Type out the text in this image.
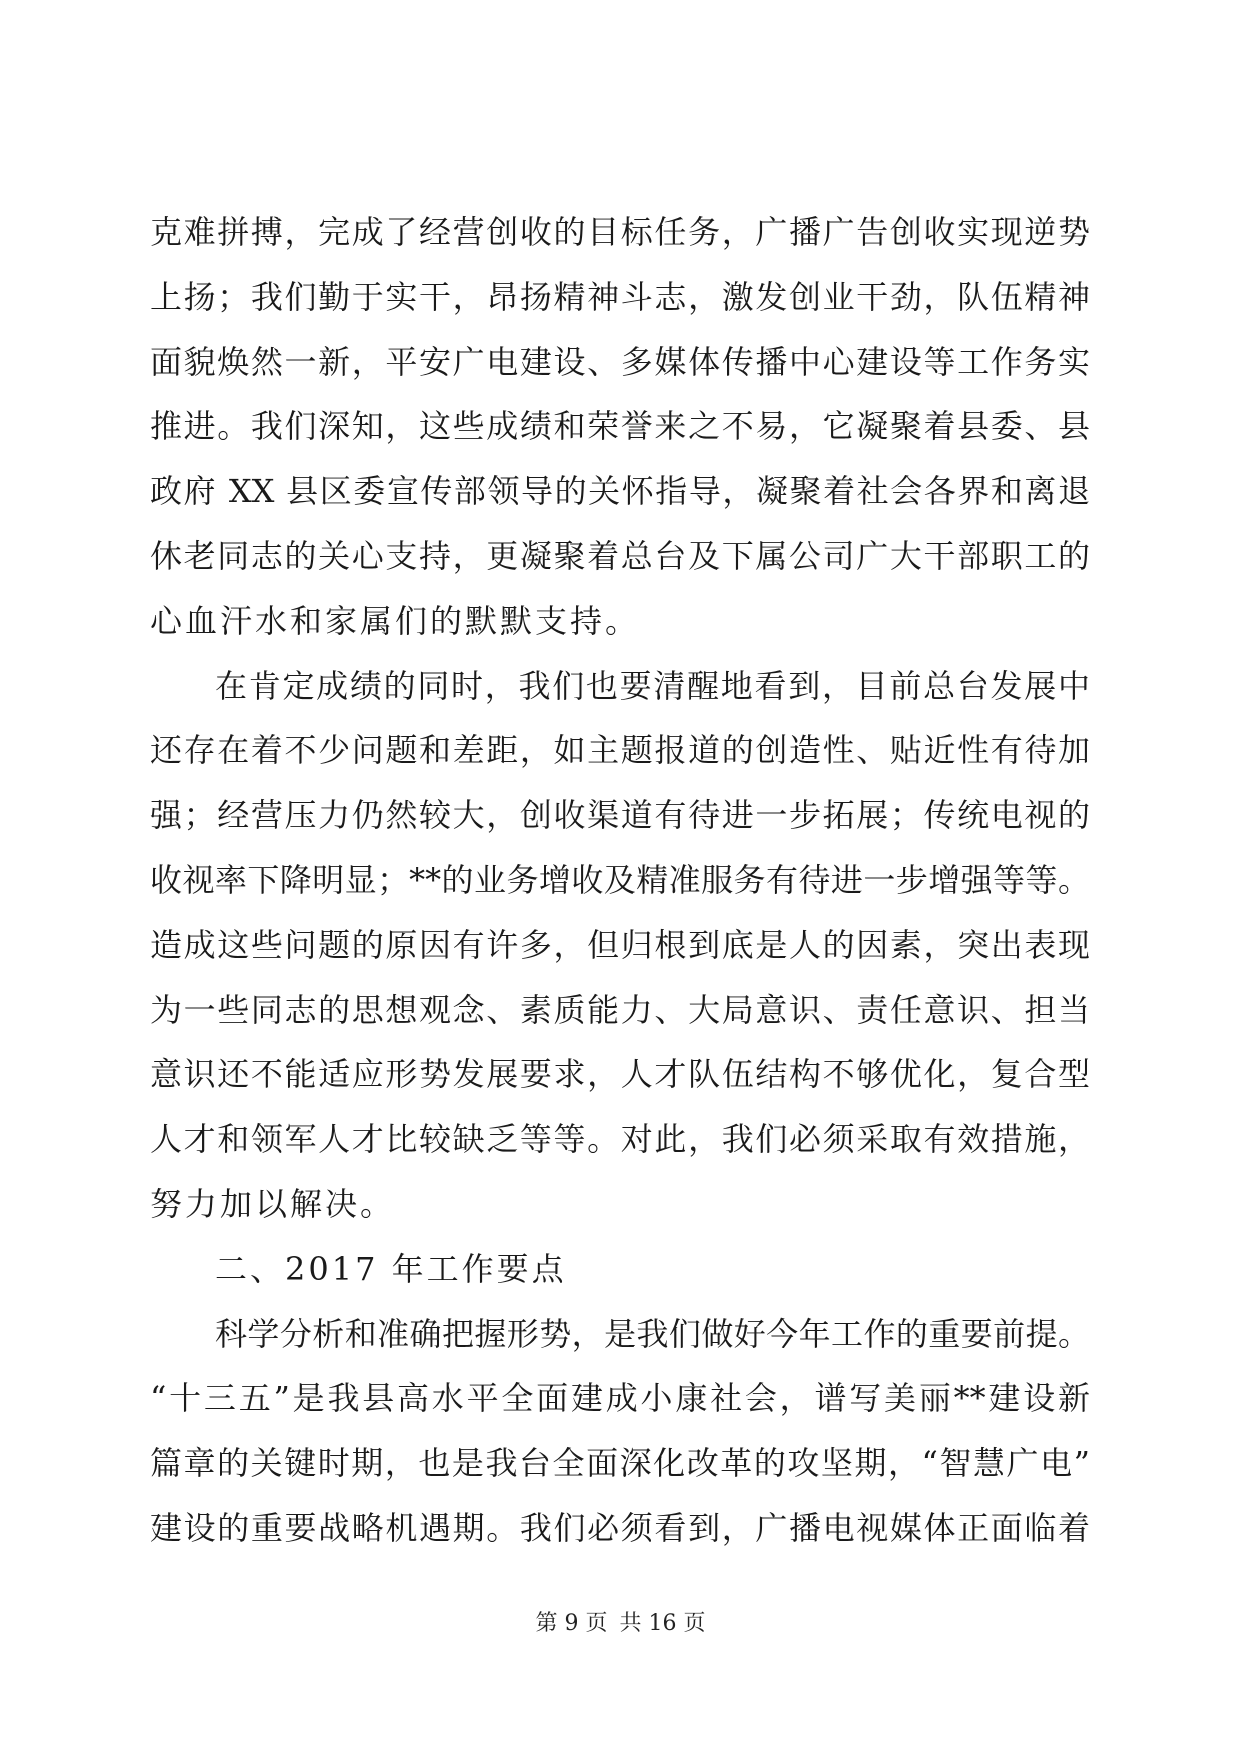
克难拼搏，完成了经营创收的目标任务，广播广告创收实现逆势

上扬；我们勤于实干，昂扬精神斗志，激发创业干劲，队伍精神

面貌焕然一新，平安广电建设、多媒体传播中心建设等工作务实

推进。我们深知，这些成绩和荣誉来之不易，它凝聚着县委、县

政府 XX 县区委宣传部领导的关怀指导，凝聚着社会各界和离退

休老同志的关心支持，更凝聚着总台及下属公司广大干部职工的

心血汗水和家属们的默默支持。

在肯定成绩的同时，我们也要清醒地看到，目前总台发展中

还存在着不少问题和差距，如主题报道的创造性、贴近性有待加

强；经营压力仍然较大，创收渠道有待进一步拓展；传统电视的

收视率下降明显；**的业务增收及精准服务有待进一步增强等等。

造成这些问题的原因有许多，但归根到底是人的因素，突出表现

为一些同志的思想观念、素质能力、大局意识、责任意识、担当

意识还不能适应形势发展要求，人才队伍结构不够优化，复合型

人才和领军人才比较缺乏等等。对此，我们必须采取有效措施，

努力加以解决。

二、2017 年工作要点

科学分析和准确把握形势，是我们做好今年工作的重要前提。

“十三五”是我县高水平全面建成小康社会，谱写美丽**建设新

篇章的关键时期，也是我台全面深化改革的攻坚期，“智慧广电”

建设的重要战略机遇期。我们必须看到，广播电视媒体正面临着

第 9 页 共 16 页
